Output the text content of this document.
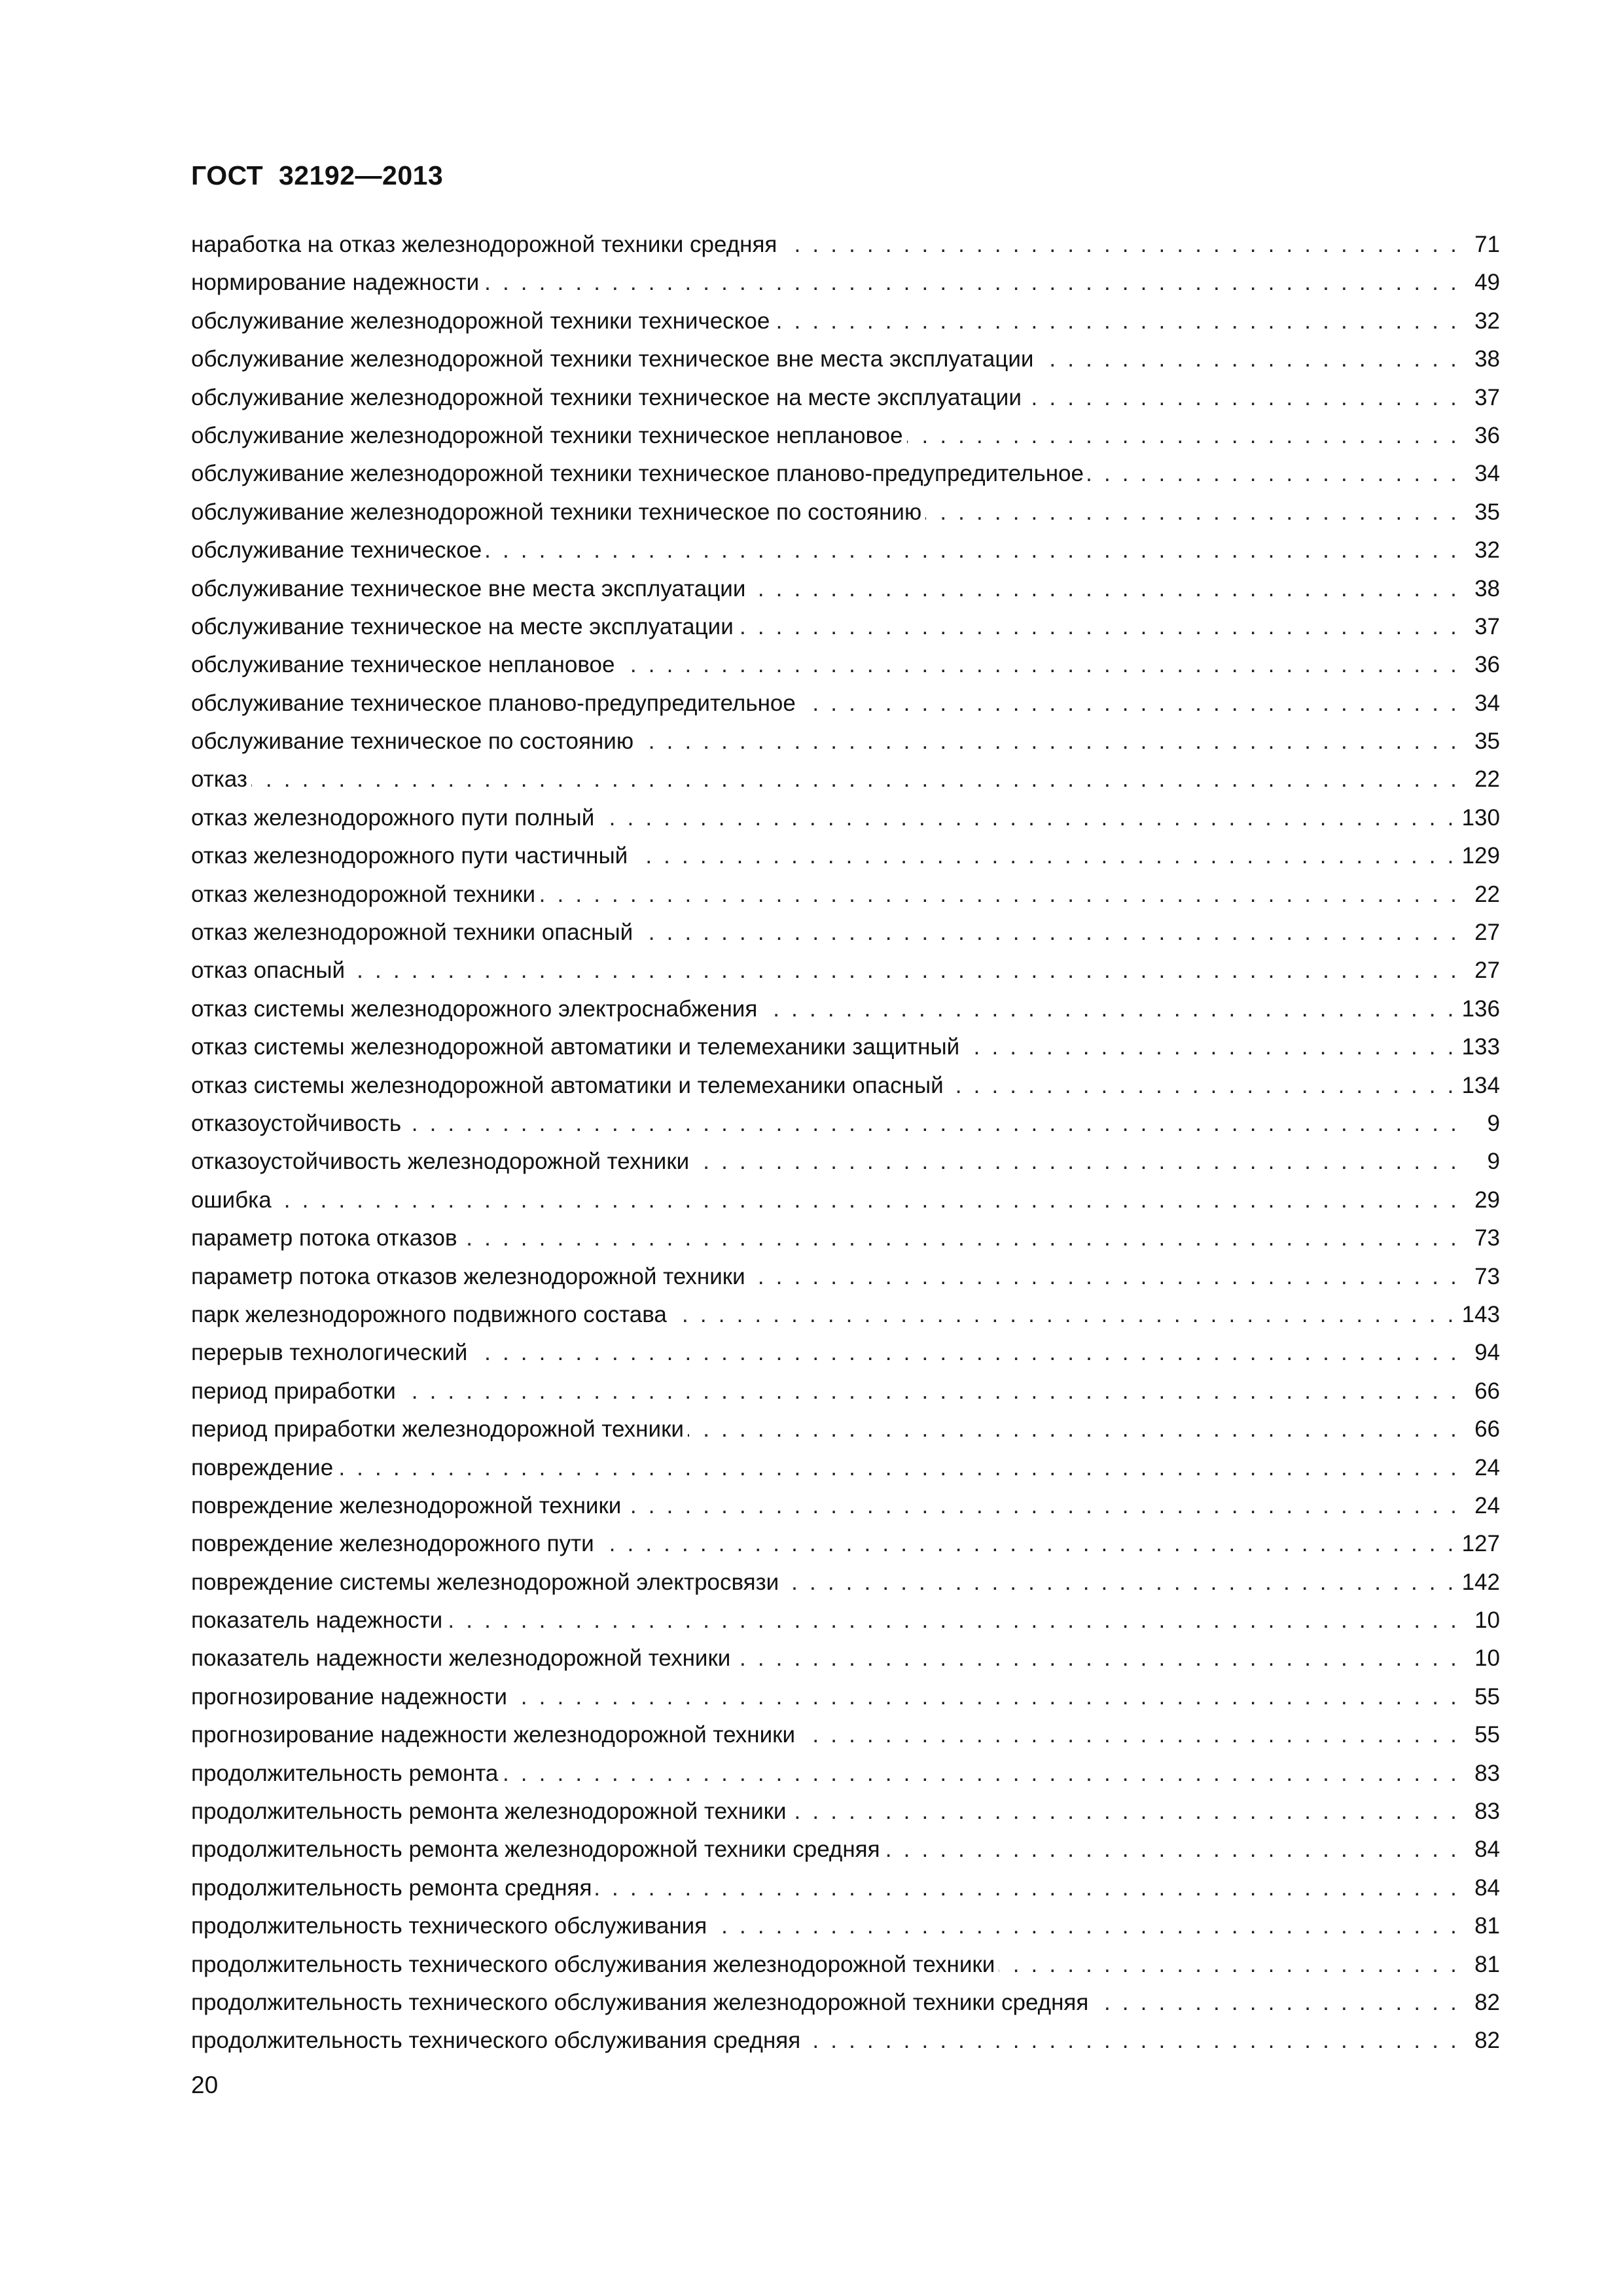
ГОСТ  32192—2013
наработка на отказ железнодорожной техники средняя . . .	71
нормирование надежности . . .	49
обслуживание железнодорожной техники техническое . . .	32
обслуживание железнодорожной техники техническое вне места эксплуатации . . .	38
обслуживание железнодорожной техники техническое на месте эксплуатации . . .	37
обслуживание железнодорожной техники техническое неплановое . . .	36
обслуживание железнодорожной техники техническое планово-предупредительное . . .	34
обслуживание железнодорожной техники техническое по состоянию . . .	35
обслуживание техническое . . .	32
обслуживание техническое вне места эксплуатации . . .	38
обслуживание техническое на месте эксплуатации . . .	37
обслуживание техническое неплановое . . .	36
обслуживание техническое планово-предупредительное . . .	34
обслуживание техническое по состоянию . . .	35
отказ . . .	22
отказ железнодорожного пути полный . . .	130
отказ железнодорожного пути частичный . . .	129
отказ железнодорожной техники . . .	22
отказ железнодорожной техники опасный . . .	27
отказ опасный . . .	27
отказ системы железнодорожного электроснабжения . . .	136
отказ системы железнодорожной автоматики и телемеханики защитный . . .	133
отказ системы железнодорожной автоматики и телемеханики опасный . . .	134
отказоустойчивость . . .	9
отказоустойчивость железнодорожной техники . . .	9
ошибка . . .	29
параметр потока отказов . . .	73
параметр потока отказов железнодорожной техники . . .	73
парк железнодорожного подвижного состава . . .	143
перерыв технологический . . .	94
период приработки . . .	66
период приработки железнодорожной техники . . .	66
повреждение . . .	24
повреждение железнодорожной техники . . .	24
повреждение железнодорожного пути . . .	127
повреждение системы железнодорожной электросвязи . . .	142
показатель надежности . . .	10
показатель надежности железнодорожной техники . . .	10
прогнозирование надежности . . .	55
прогнозирование надежности железнодорожной техники . . .	55
продолжительность ремонта . . .	83
продолжительность ремонта железнодорожной техники . . .	83
продолжительность ремонта железнодорожной техники средняя . . .	84
продолжительность ремонта средняя . . .	84
продолжительность технического обслуживания . . .	81
продолжительность технического обслуживания железнодорожной техники . . .	81
продолжительность технического обслуживания железнодорожной техники средняя . . .	82
продолжительность технического обслуживания средняя . . .	82
20
